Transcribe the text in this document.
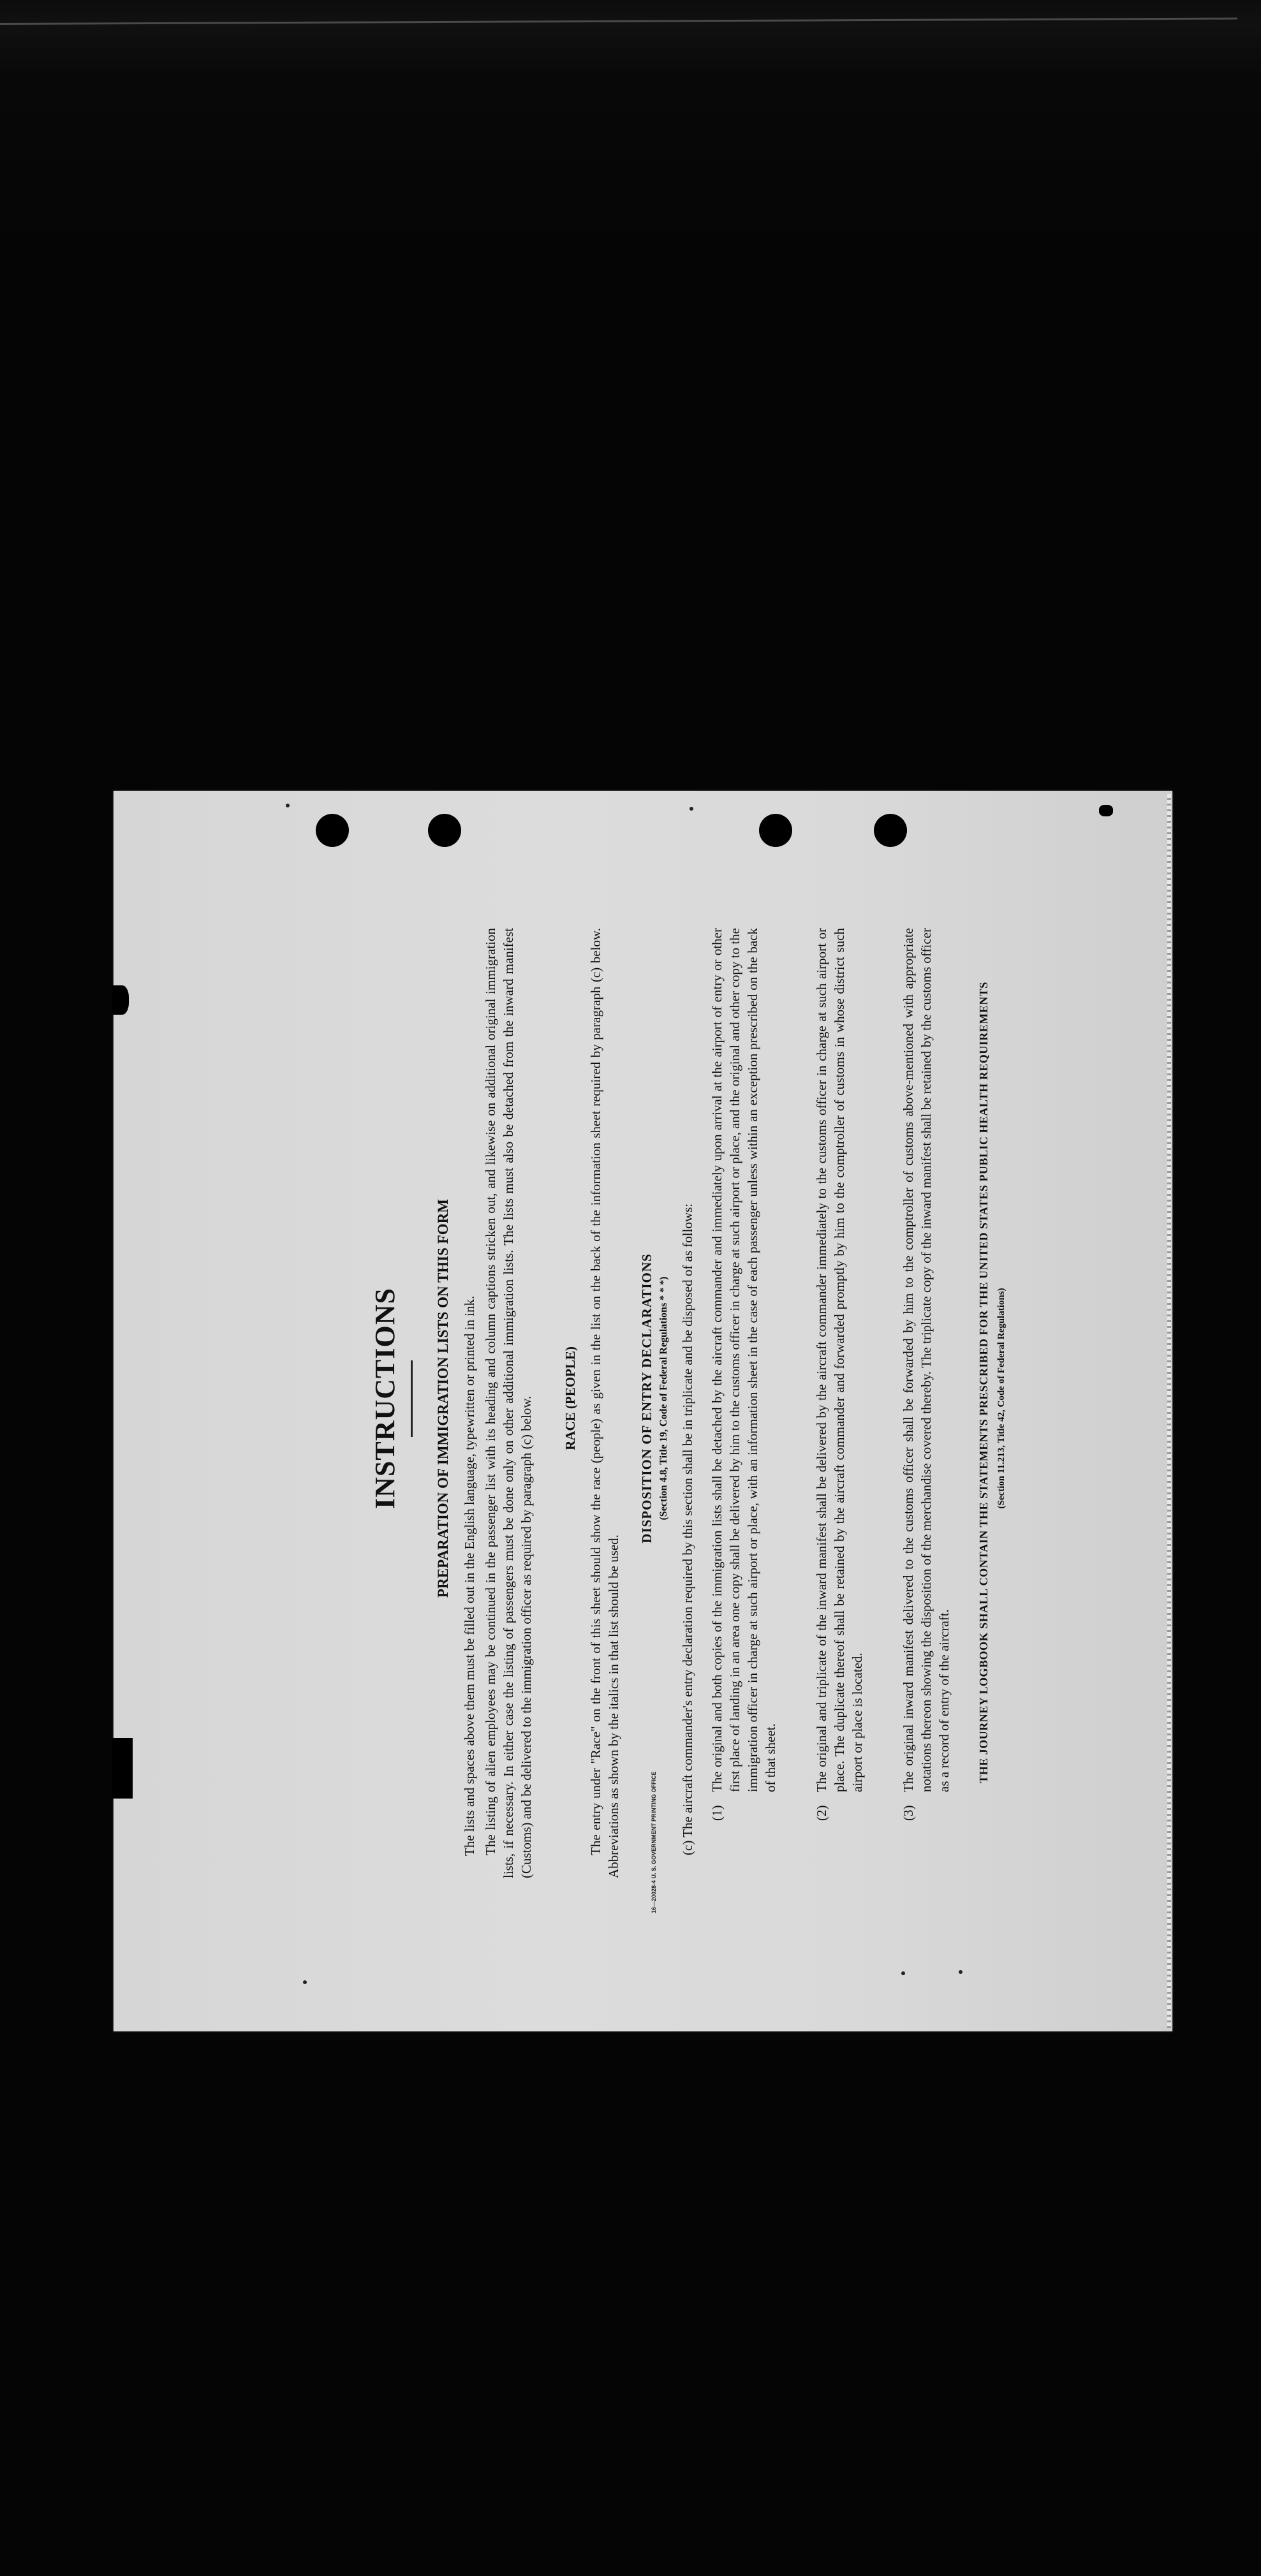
INSTRUCTIONS PREPARATION OF IMMIGRATION LISTS ON THIS FORM The lists and spaces above them must be filled out in the English language, typewritten or printed in ink. The listing of alien employees may be continued in the passenger list with its heading and column captions stricken out, and likewise on additional original immigration lists, if necessary. In either case the listing of passengers must be done only on other additional immigration lists. The lists must also be detached from the inward manifest (Customs) and be delivered to the immigration officer as required by paragraph (c) below. RACE (PEOPLE) The entry under "Race" on the front of this sheet should show the race (people) as given in the list on the back of the information sheet required by paragraph (c) below. Abbreviations as shown by the italics in that list should be used.

DISPOSITION OF ENTRY DECLARATIONS (Section 4.8, Title 19, Code of Federal Regulations * * *) (c) The aircraft commander's entry declaration required by this section shall be in triplicate and be disposed of as follows: (1)
The original and both copies of the immigration lists shall be detached by the aircraft commander and immediately upon arrival at the airport of entry or other first place of landing in an area one copy shall be delivered by him to the customs officer in charge at such airport or place, and the original and other copy to the immigration officer in charge at such airport or place, with an information sheet in the case of each passenger unless within an exception prescribed on the back of that sheet.
(2)
The original and triplicate of the inward manifest shall be delivered by the aircraft commander immediately to the customs officer in charge at such airport or place. The duplicate thereof shall be retained by the aircraft commander and forwarded promptly by him to the comptroller of customs in whose district such airport or place is located.
(3)
The original inward manifest delivered to the customs officer shall be forwarded by him to the comptroller of customs above-mentioned with appropriate notations thereon showing the disposition of the merchandise covered thereby. The triplicate copy of the inward manifest shall be retained by the customs officer as a record of entry of the aircraft. THE JOURNEY LOGBOOK SHALL CONTAIN THE STATEMENTS PRESCRIBED FOR THE UNITED STATES PUBLIC HEALTH REQUIREMENTS (Section 11.213, Title 42, Code of Federal Regulations)
16—20028-4 U. S. GOVERNMENT PRINTING OFFICE
